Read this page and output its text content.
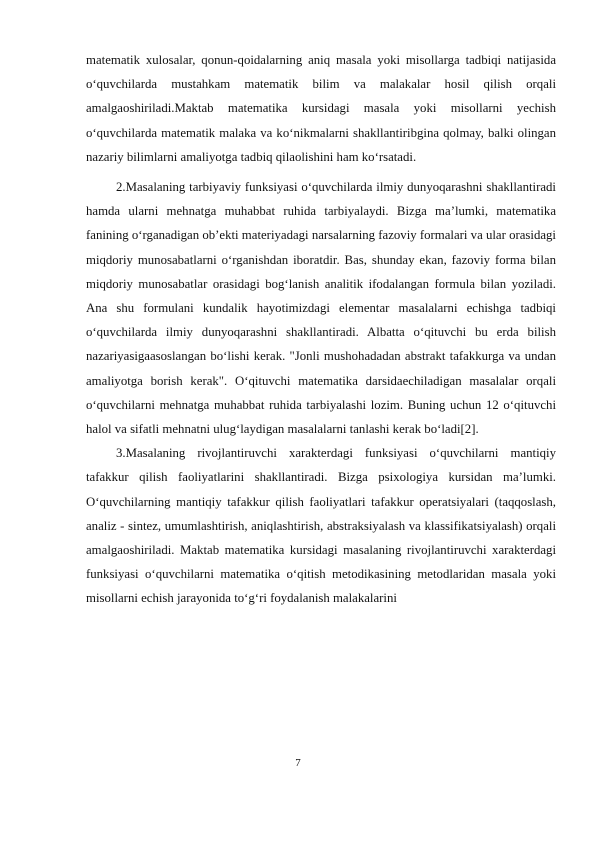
matematik xulosalar, qonun-qoidalarning aniq masala yoki misollarga tadbiqi natijasida o‘quvchilarda mustahkam matematik bilim va malakalar hosil qilish orqali amalgaoshiriladi.Maktab matematika kursidagi masala yoki misollarni yechish o‘quvchilarda matematik malaka va ko‘nikmalarni shakllantiribgina qolmay, balki olingan nazariy bilimlarni amaliyotga tadbiq qilaolishini ham ko‘rsatadi.

2.Masalaning tarbiyaviy funksiyasi o‘quvchilarda ilmiy dunyoqarashni shakllantiradi hamda ularni mehnatga muhabbat ruhida tarbiyalaydi. Bizga ma’lumki, matematika fanining o‘rganadigan ob’ekti materiyadagi narsalarning fazoviy formalari va ular orasidagi miqdoriy munosabatlarni o‘rganishdan iboratdir. Bas, shunday ekan, fazoviy forma bilan miqdoriy munosabatlar orasidagi bog‘lanish analitik ifodalangan formula bilan yoziladi. Ana shu formulani kundalik hayotimizdagi elementar masalalarni echishga tadbiqi o‘quvchilarda ilmiy dunyoqarashni shakllantiradi. Albatta o‘qituvchi bu erda bilish nazariyasigaasoslangan bo‘lishi kerak. "Jonli mushohadadan abstrakt tafakkurga va undan amaliyotga borish kerak". O‘qituvchi matematika darsidaechiladigan masalalar orqali o‘quvchilarni mehnatga muhabbat ruhida tarbiyalashi lozim. Buning uchun 12 o‘qituvchi halol va sifatli mehnatni ulug‘laydigan masalalarni tanlashi kerak bo‘ladi[2].

3.Masalaning rivojlantiruvchi xarakterdagi funksiyasi o‘quvchilarni mantiqiy tafakkur qilish faoliyatlarini shakllantiradi. Bizga psixologiya kursidan ma’lumki. O‘quvchilarning mantiqiy tafakkur qilish faoliyatlari tafakkur operatsiyalari (taqqoslash, analiz - sintez, umumlashtirish, aniqlashtirish, abstraksiyalash va klassifikatsiyalash) orqali amalgaoshiriladi. Maktab matematika kursidagi masalaning rivojlantiruvchi xarakterdagi funksiyasi o‘quvchilarni matematika o‘qitish metodikasining metodlaridan masala yoki misollarni echish jarayonida to‘g‘ri foydalanish malakalarini

7
